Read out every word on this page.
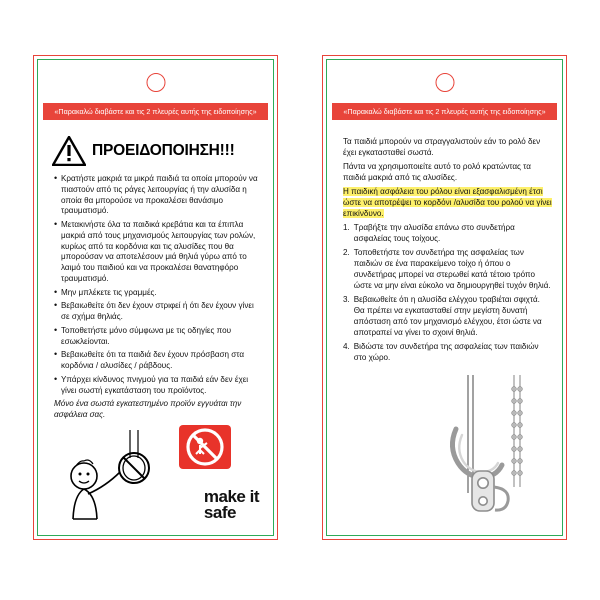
«Παρακαλώ διαβάστε και τις 2 πλευρές αυτής της ειδοποίησης»
ΠΡΟΕΙΔΟΠΟΙΗΣΗ!!!
• Κρατήστε μακριά τα μικρά παιδιά τα οποία μπορούν να πιαστούν από τις ράγες λειτουργίας ή την αλυσίδα η οποία θα μπορούσε να προκαλέσει θανάσιμο τραυματισμό.
• Μετακινήστε όλα τα παιδικά κρεβάτια και τα έπιπλα μακριά από τους μηχανισμούς λειτουργίας των ρολών, κυρίως από τα κορδόνια και τις αλυσίδες που θα μπορούσαν να αποτελέσουν μιά θηλιά γύρω από το λαιμό του παιδιού και να προκαλέσει θανατηφόρο τραυματισμό.
• Μην μπλέκετε τις γραμμές.
• Βεβαιωθείτε ότι δεν έχουν στριφεί ή ότι δεν έχουν γίνει σε σχήμα θηλιάς.
• Τοποθετήστε μόνο σύμφωνα με τις οδηγίες που εσωκλείονται.
• Βεβαιωθείτε ότι τα παιδιά δεν έχουν πρόσβαση στα κορδόνια / αλυσίδες / ράβδους.
• Υπάρχει κίνδυνος πνιγμού για τα παιδιά εάν δεν έχει γίνει σωστή εγκατάσταση του προϊόντος.
Μόνο ένα σωστά εγκατεστημένο προϊόν εγγυάται την ασφάλεια σας.
make it
safe
«Παρακαλώ διαβάστε και τις 2 πλευρές αυτής της ειδοποίησης»

Τα παιδιά μπορούν να στραγγαλιστούν εάν το ρολό δεν έχει εγκατασταθεί σωστά.

Πάντα να χρησιμοποιείτε αυτό το ρολό κρατώντας τα παιδιά μακριά από τις αλυσίδες.

Η παιδική ασφάλεια του ρόλου είναι εξασφαλισμένη έτσι ώστε να αποτρέψει το κορδόνι /αλυσίδα του ρολού να γίνει επικίνδυνο.

1. Τραβήξτε την αλυσίδα επάνω στο συνδετήρα ασφαλείας τους τοίχους.
2. Τοποθετήστε τον συνδετήρα της ασφαλείας των παιδιών σε ένα παρακείμενο τοίχο ή όπου ο συνδετήρας μπορεί να στερωθεί κατά τέτοιο τρόπο ώστε να μην είναι εύκολο να δημιουργηθεί τυχόν θηλιά.
3. Βεβαιωθείτε ότι η αλυσίδα ελέγχου τραβιέται σφιχτά. Θα πρέπει να εγκατασταθεί στην μεγίστη δυνατή απόσταση από τον μηχανισμό ελέγχου, έτσι ώστε να αποτραπεί να γίνει το σχοινί θηλιά.
4. Βιδώστε τον συνδετήρα της ασφαλείας των παιδιών στο χώρο.
